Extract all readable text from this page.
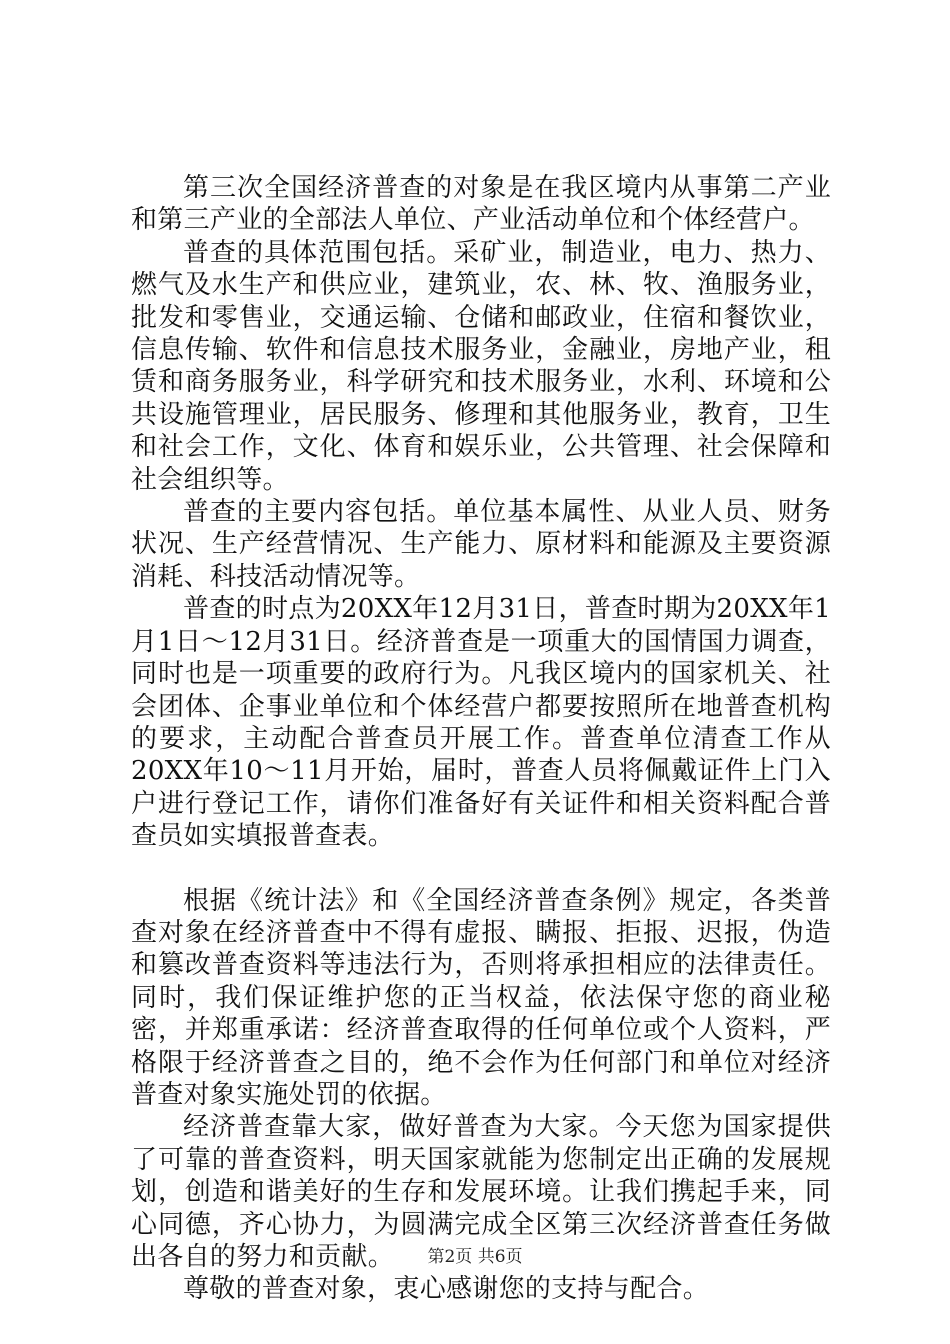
第三次全国经济普查的对象是在我区境内从事第二产业和第三产业的全部法人单位、产业活动单位和个体经营户。

普查的具体范围包括。采矿业，制造业，电力、热力、燃气及水生产和供应业，建筑业，农、林、牧、渔服务业，批发和零售业，交通运输、仓储和邮政业，住宿和餐饮业，信息传输、软件和信息技术服务业，金融业，房地产业，租赁和商务服务业，科学研究和技术服务业，水利、环境和公共设施管理业，居民服务、修理和其他服务业，教育，卫生和社会工作，文化、体育和娱乐业，公共管理、社会保障和社会组织等。

普查的主要内容包括。单位基本属性、从业人员、财务状况、生产经营情况、生产能力、原材料和能源及主要资源消耗、科技活动情况等。

普查的时点为20XX年12月31日，普查时期为20XX年1月1日～12月31日。经济普查是一项重大的国情国力调查，同时也是一项重要的政府行为。凡我区境内的国家机关、社会团体、企事业单位和个体经营户都要按照所在地普查机构的要求，主动配合普查员开展工作。普查单位清查工作从20XX年10～11月开始，届时，普查人员将佩戴证件上门入户进行登记工作，请你们准备好有关证件和相关资料配合普查员如实填报普查表。

根据《统计法》和《全国经济普查条例》规定，各类普查对象在经济普查中不得有虚报、瞒报、拒报、迟报，伪造和篡改普查资料等违法行为，否则将承担相应的法律责任。同时，我们保证维护您的正当权益，依法保守您的商业秘密，并郑重承诺：经济普查取得的任何单位或个人资料，严格限于经济普查之目的，绝不会作为任何部门和单位对经济普查对象实施处罚的依据。

经济普查靠大家，做好普查为大家。今天您为国家提供了可靠的普查资料，明天国家就能为您制定出正确的发展规划，创造和谐美好的生存和发展环境。让我们携起手来，同心同德，齐心协力，为圆满完成全区第三次经济普查任务做出各自的努力和贡献。

尊敬的普查对象，衷心感谢您的支持与配合。

第2页 共6页
